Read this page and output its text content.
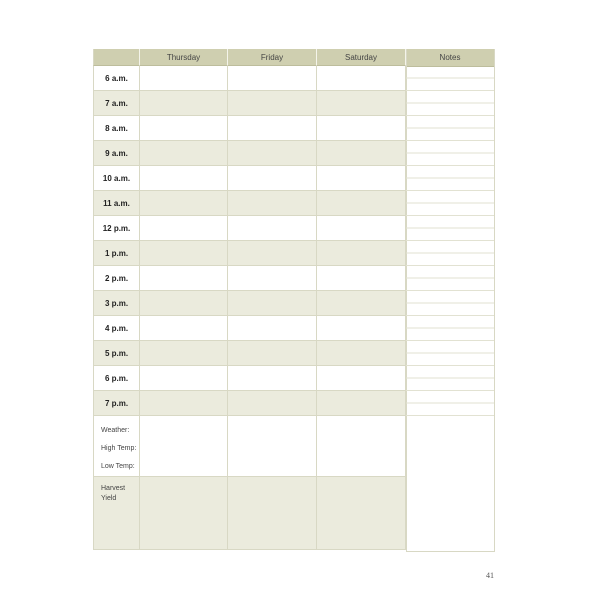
Thursday	Friday	Saturday
6 a.m.
7 a.m.
8 a.m.
9 a.m.
10 a.m.
11 a.m.
12 p.m.
1 p.m.
2 p.m.
3 p.m.
4 p.m.
5 p.m.
6 p.m.
7 p.m.
Weather:
High Temp:
Low Temp:
Harvest
Yield
Notes
41
